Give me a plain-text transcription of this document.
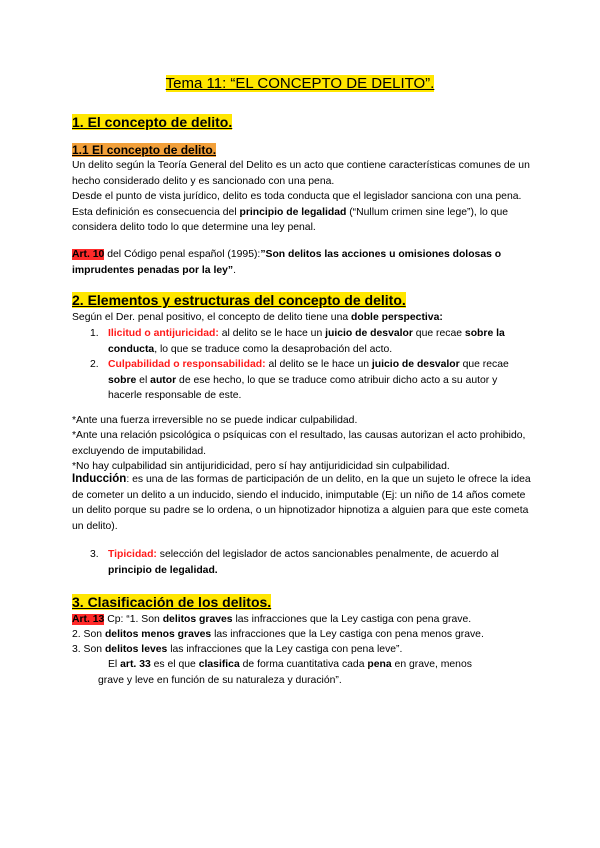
Tema 11: “EL CONCEPTO DE DELITO”.
1. El concepto de delito.
1.1 El concepto de delito.
Un delito según la Teoría General del Delito es un acto que contiene características comunes de un hecho considerado delito y es sancionado con una pena.
Desde el punto de vista jurídico, delito es toda conducta que el legislador sanciona con una pena. Esta definición es consecuencia del principio de legalidad (“Nullum crimen sine lege”), lo que considera delito todo lo que determine una ley penal.
Art. 10 del Código penal español (1995):”Son delitos las acciones u omisiones dolosas o imprudentes penadas por la ley”.
2. Elementos y estructuras del concepto de delito.
Según el Der. penal positivo, el concepto de delito tiene una doble perspectiva:
1. Ilicitud o antijuricidad: al delito se le hace un juicio de desvalor que recae sobre la conducta, lo que se traduce como la desaprobación del acto.
2. Culpabilidad o responsabilidad: al delito se le hace un juicio de desvalor que recae sobre el autor de ese hecho, lo que se traduce como atribuir dicho acto a su autor y hacerle responsable de este.
*Ante una fuerza irreversible no se puede indicar culpabilidad.
*Ante una relación psicológica o psíquicas con el resultado, las causas autorizan el acto prohibido, excluyendo de imputabilidad.
*No hay culpabilidad sin antijuridicidad, pero sí hay antijuridicidad sin culpabilidad.
Inducción: es una de las formas de participación de un delito, en la que un sujeto le ofrece la idea de cometer un delito a un inducido, siendo el inducido, inimputable (Ej: un niño de 14 años comete un delito porque su padre se lo ordena, o un hipnotizador hipnotiza a alguien para que este cometa un delito).
3. Tipicidad: selección del legislador de actos sancionables penalmente, de acuerdo al principio de legalidad.
3. Clasificación de los delitos.
Art. 13 Cp: “1. Son delitos graves las infracciones que la Ley castiga con pena grave.
2. Son delitos menos graves las infracciones que la Ley castiga con pena menos grave.
3. Son delitos leves las infracciones que la Ley castiga con pena leve”.
El art. 33 es el que clasifica de forma cuantitativa cada pena en grave, menos grave y leve en función de su naturaleza y duración”.
